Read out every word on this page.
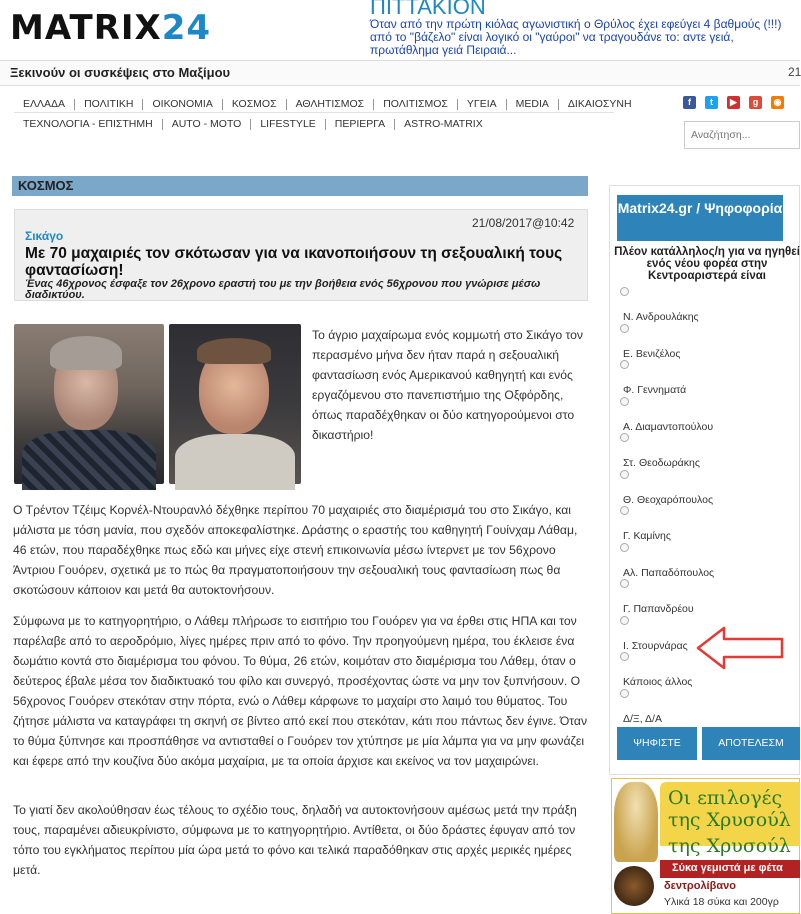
MATRIX24
ΠΙΤΤΑΚΙΟΝ
Όταν από την πρώτη κιόλας αγωνιστική ο Θρύλος έχει εφεύγει 4 βαθμούς (!!!) από το "βάζελο" είναι λογικό οι "γαύροι" να τραγουδάνε το: αντε γειά, πρωτάθλημα γειά Πειραιά...
Ξεκινούν οι συσκέψεις στο Μαξίμου	21
ΕΛΛΑΔΑ	ΠΟΛΙΤΙΚΗ	ΟΙΚΟΝΟΜΙΑ	ΚΟΣΜΟΣ	ΑΘΛΗΤΙΣΜΟΣ	ΠΟΛΙΤΙΣΜΟΣ	ΥΓΕΙΑ	MEDIA	ΔΙΚΑΙΟΣΥΝΗ
ΤΕΧΝΟΛΟΓΙΑ - ΕΠΙΣΤΗΜΗ	AUTO - MOTO	LIFESTYLE	ΠΕΡΙΕΡΓΑ	ASTRO-MATRIX
f	t	▶	g	◉
Αναζήτηση...
ΚΟΣΜΟΣ
21/08/2017@10:42
Σικάγο
Με 70 μαχαιριές τον σκότωσαν για να ικανοποιήσουν τη σεξουαλική τους φαντασίωση!
Ένας 46χρονος έσφαξε τον 26χρονο εραστή του με την βοήθεια ενός 56χρονου που γνώρισε μέσω διαδικτύου.
Το άγριο μαχαίρωμα ενός κομμωτή στο Σικάγο τον περασμένο μήνα δεν ήταν παρά η σεξουαλική φαντασίωση ενός Αμερικανού καθηγητή και ενός εργαζόμενου στο πανεπιστήμιο της Οξφόρδης, όπως παραδέχθηκαν οι δύο κατηγορούμενοι στο δικαστήριο!
Ο Τρέντον Τζέιμς Κορνέλ-Ντουρανλό δέχθηκε περίπου 70 μαχαιριές στο διαμέρισμά του στο Σικάγο, και μάλιστα με τόση μανία, που σχεδόν αποκεφαλίστηκε. Δράστης ο εραστής του καθηγητή Γουίνχαμ Λάθαμ, 46 ετών, που παραδέχθηκε πως εδώ και μήνες είχε στενή επικοινωνία μέσω ίντερνετ με τον 56χρονο Άντριου Γουόρεν, σχετικά με το πώς θα πραγματοποιήσουν την σεξουαλική τους φαντασίωση πως θα σκοτώσουν κάποιον και μετά θα αυτοκτονήσουν.
Σύμφωνα με το κατηγορητήριο, ο Λάθεμ πλήρωσε το εισιτήριο του Γουόρεν για να έρθει στις ΗΠΑ και τον παρέλαβε από το αεροδρόμιο, λίγες ημέρες πριν από το φόνο. Την προηγούμενη ημέρα, του έκλεισε ένα δωμάτιο κοντά στο διαμέρισμα του φόνου. Το θύμα, 26 ετών, κοιμόταν στο διαμέρισμα του Λάθεμ, όταν ο δεύτερος έβαλε μέσα τον διαδικτυακό του φίλο και συνεργό, προσέχοντας ώστε να μην τον ξυπνήσουν. Ο 56χρονος Γουόρεν στεκόταν στην πόρτα, ενώ ο Λάθεμ κάρφωνε το μαχαίρι στο λαιμό του θύματος. Του ζήτησε μάλιστα να καταγράφει τη σκηνή σε βίντεο από εκεί που στεκόταν, κάτι που πάντως δεν έγινε. Όταν το θύμα ξύπνησε και προσπάθησε να αντισταθεί ο Γουόρεν τον χτύπησε με μία λάμπα για να μην φωνάζει και έφερε από την κουζίνα δύο ακόμα μαχαίρια, με τα οποία άρχισε και εκείνος να τον μαχαιρώνει.
Το γιατί δεν ακολούθησαν έως τέλους το σχέδιο τους, δηλαδή να αυτοκτονήσουν αμέσως μετά την πράξη τους, παραμένει αδιευκρίνιστο, σύμφωνα με το κατηγορητήριο. Αντίθετα, οι δύο δράστες έφυγαν από τον τόπο του εγκλήματος περίπου μία ώρα μετά το φόνο και τελικά παραδόθηκαν στις αρχές μερικές ημέρες μετά.
Matrix24.gr / Ψηφοφορία
Πλέον κατάλληλος/η για να ηγηθεί ενός νέου φορέα στην Κεντροαριστερά είναι
Ν. Ανδρουλάκης
Ε. Βενιζέλος
Φ. Γεννηματά
Α. Διαμαντοπούλου
Στ. Θεοδωράκης
Θ. Θεοχαρόπουλος
Γ. Καμίνης
Αλ. Παπαδόπουλος
Γ. Παπανδρέου
Ι. Στουρνάρας
Κάποιος άλλος
Δ/Ξ, Δ/Α
ΨΗΦΙΣΤΕ	ΑΠΟΤΕΛΕΣΜ
Οι επιλογές
της Χρυσούλ
της Χρυσούλ
Σύκα γεμιστά με φέτα
δεντρολίβανο
Υλικά 18 σύκα και 200γρ
